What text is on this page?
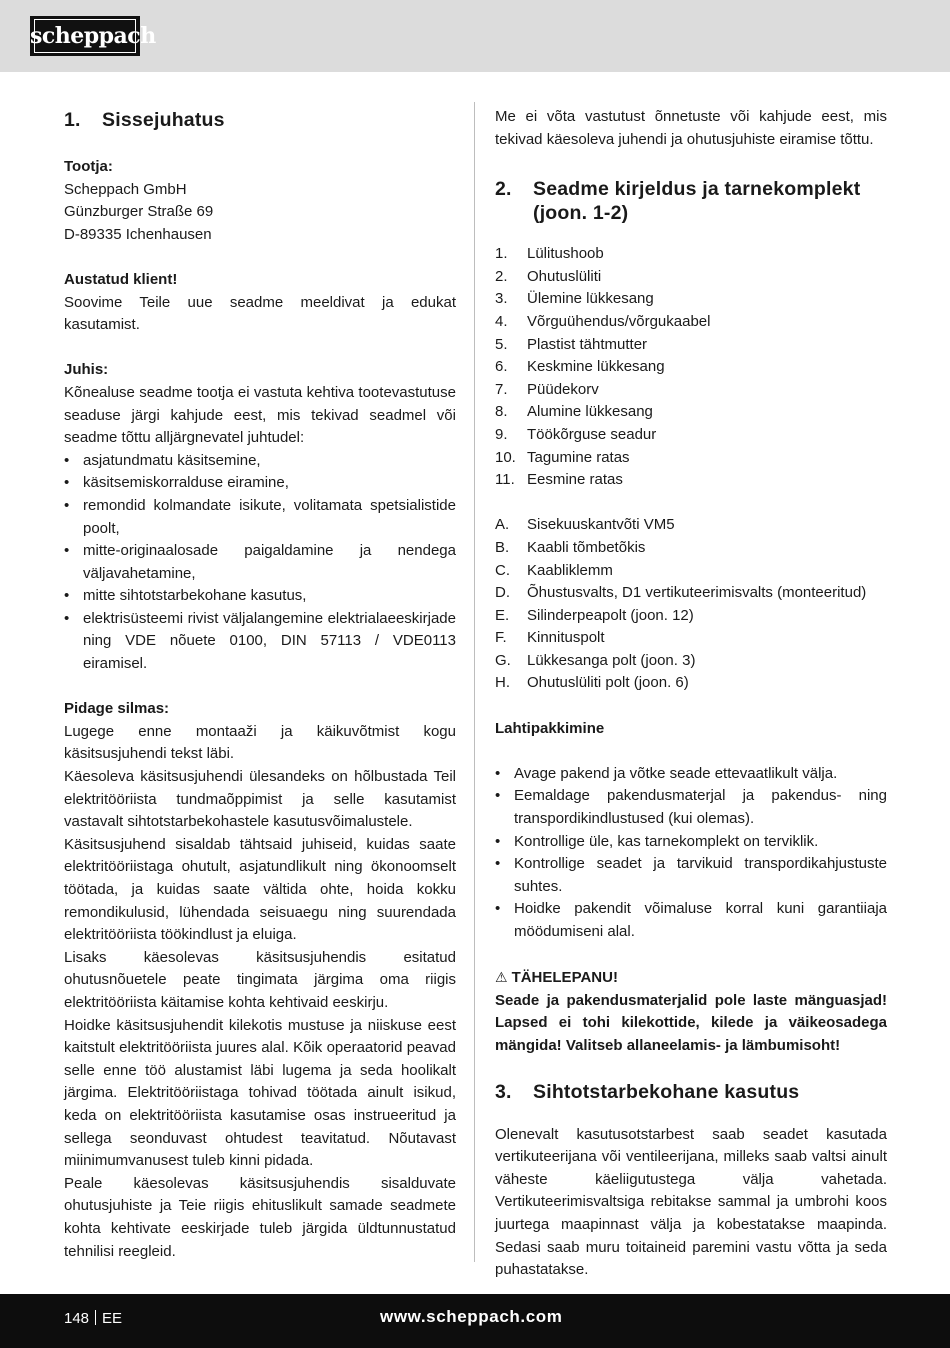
scheppach
1.	Sissejuhatus
Tootja:
Scheppach GmbH
Günzburger Straße 69
D-89335 Ichenhausen
Austatud klient!

Soovime Teile uue seadme meeldivat ja edukat kasutamist.

Juhis:

Kõnealuse seadme tootja ei vastuta kehtiva tootevastutuse seaduse järgi kahjude eest, mis tekivad seadmel või seadme tõttu alljärgnevatel juhtudel:

• asjatundmatu käsitsemine,
• käsitsemiskorralduse eiramine,
• remondid kolmandate isikute, volitamata spetsialistide poolt,
• mitte-originaalosade paigaldamine ja nendega väljavahetamine,
• mitte sihtotstarbekohane kasutus,
• elektrisüsteemi rivist väljalangemine elektrialaeeskirjade ning VDE nõuete 0100, DIN 57113 / VDE0113 eiramisel.
Pidage silmas:

Lugege enne montaaži ja käikuvõtmist kogu käsitsusjuhendi tekst läbi.

Käesoleva käsitsusjuhendi ülesandeks on hõlbustada Teil elektritööriista tundmaõppimist ja selle kasutamist vastavalt sihtotstarbekohastele kasutusvõimalustele.

Käsitsusjuhend sisaldab tähtsaid juhiseid, kuidas saate elektritööriistaga ohutult, asjatundlikult ning ökonoomselt töötada, ja kuidas saate vältida ohte, hoida kokku remondikulusid, lühendada seisuaegu ning suurendada elektritööriista töökindlust ja eluiga.

Lisaks käesolevas käsitsusjuhendis esitatud ohutusnõuetele peate tingimata järgima oma riigis elektritööriista käitamise kohta kehtivaid eeskirju.

Hoidke käsitsusjuhendit kilekotis mustuse ja niiskuse eest kaitstult elektritööriista juures alal. Kõik operaatorid peavad selle enne töö alustamist läbi lugema ja seda hoolikalt järgima. Elektritööriistaga tohivad töötada ainult isikud, keda on elektritööriista kasutamise osas instrueeritud ja sellega seonduvast ohtudest teavitatud. Nõutavast miinimumvanusest tuleb kinni pidada.

Peale käesolevas käsitsusjuhendis sisalduvate ohutusjuhiste ja Teie riigis ehituslikult samade seadmete kohta kehtivate eeskirjade tuleb järgida üldtunnustatud tehnilisi reegleid.

Me ei võta vastutust õnnetuste või kahjude eest, mis tekivad käesoleva juhendi ja ohutusjuhiste eiramise tõttu.

2.	Seadme kirjeldus ja tarnekomplekt (joon. 1-2)
1.	Lülitushoob
2.	Ohutuslüliti
3.	Ülemine lükkesang
4.	Võrguühendus/võrgukaabel
5.	Plastist tähtmutter
6.	Keskmine lükkesang
7.	Püüdekorv
8.	Alumine lükkesang
9.	Töökõrguse seadur
10. Tagumine ratas
11. Eesmine ratas
A.	Sisekuuskantvõti VM5
B.	Kaabli tõmbetõkis
C.	Kaabliklemm
D.	Õhustusvalts, D1 vertikuteerimisvalts (monteeritud)
E.	Silinderpeapolt (joon. 12)
F.	Kinnituspolt
G.	Lükkesanga polt (joon. 3)
H.	Ohutuslüliti polt (joon. 6)
Lahtipakkimine
• Avage pakend ja võtke seade ettevaatlikult välja.
• Eemaldage pakendusmaterjal ja pakendus- ning transpordikindlustused (kui olemas).
• Kontrollige üle, kas tarnekomplekt on terviklik.
• Kontrollige seadet ja tarvikuid transpordikahjustuste suhtes.
• Hoidke pakendit võimaluse korral kuni garantiiaja möödumiseni alal.
⚠ TÄHELEPANU!

Seade ja pakendusmaterjalid pole laste mänguasjad! Lapsed ei tohi kilekottide, kilede ja väikeosadega mängida! Valitseb allaneelamis- ja lämbumisoht!

3.	Sihtotstarbekohane kasutus

Olenevalt kasutusotstarbest saab seadet kasutada vertikuteerijana või ventileerijana, milleks saab valtsi ainult väheste käeliigutustega välja vahetada. Vertikuteerimisvaltsiga rebitakse sammal ja umbrohi koos juurtega maapinnast välja ja kobestatakse maapinda. Sedasi saab muru toitaineid paremini vastu võtta ja seda puhastatakse.

148 EE	www.scheppach.com
